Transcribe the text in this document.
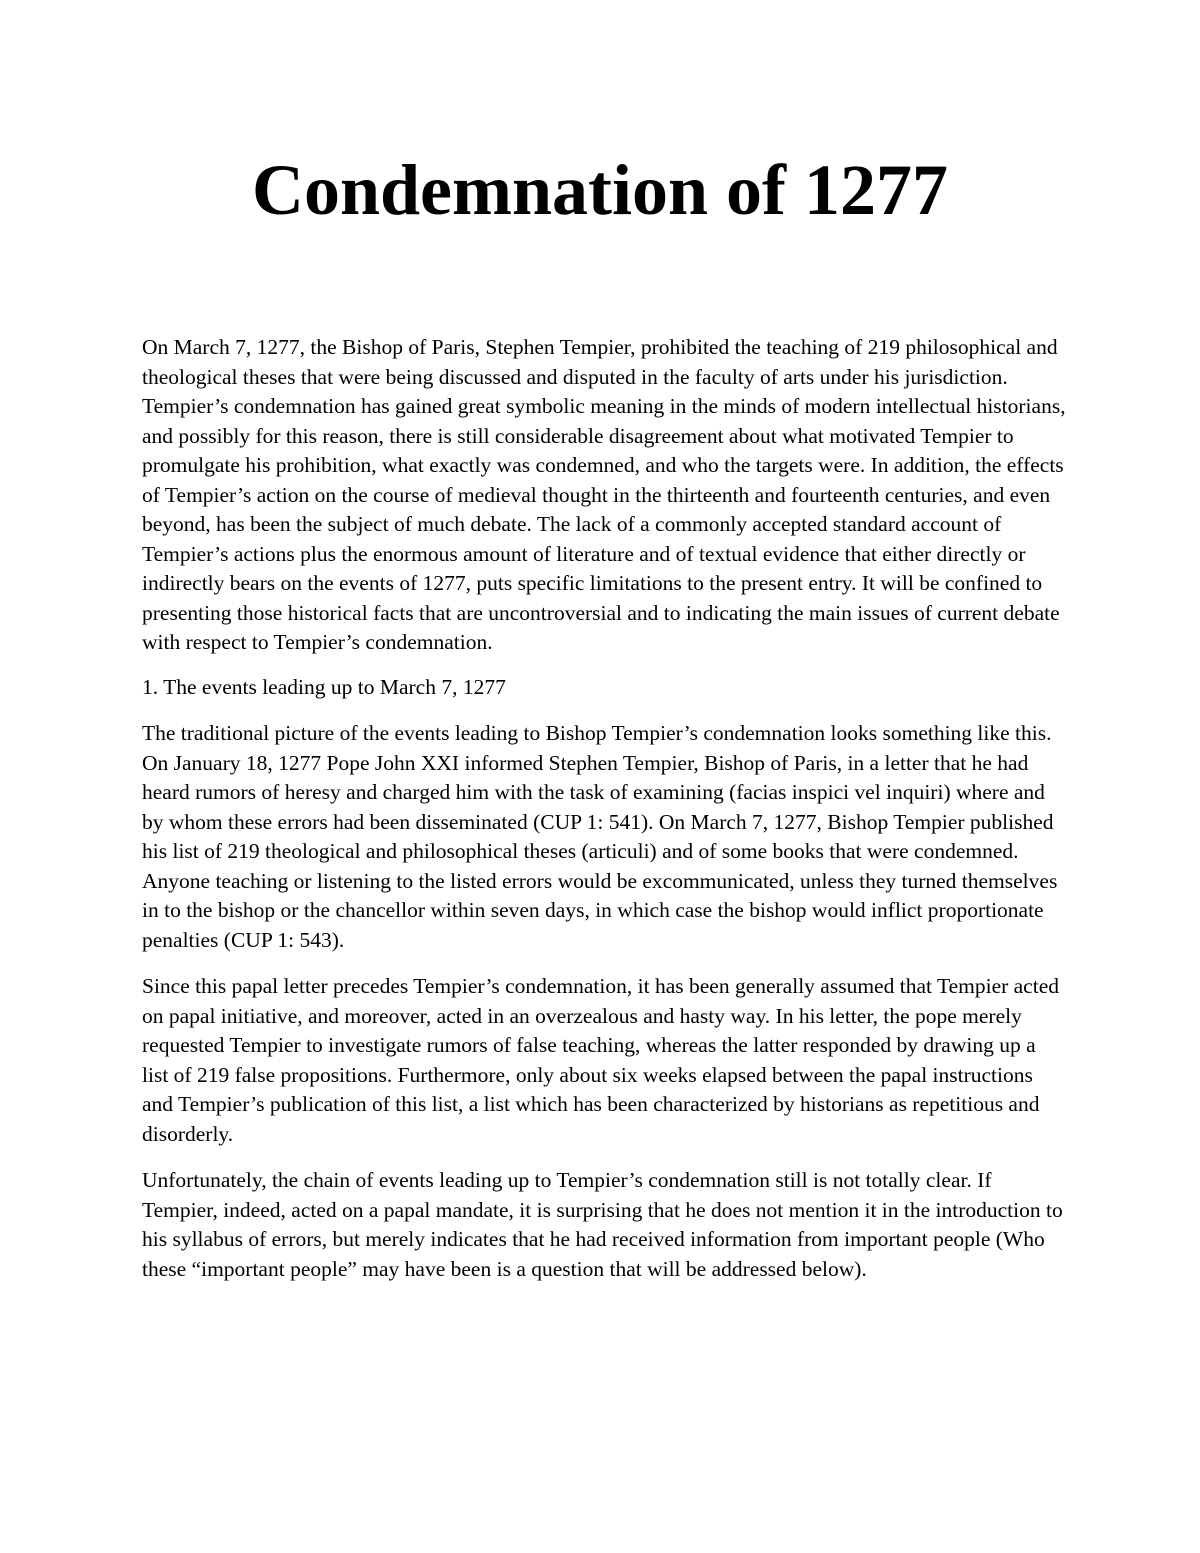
Condemnation of 1277

On March 7, 1277, the Bishop of Paris, Stephen Tempier, prohibited the teaching of 219 philosophical and theological theses that were being discussed and disputed in the faculty of arts under his jurisdiction. Tempier’s condemnation has gained great symbolic meaning in the minds of modern intellectual historians, and possibly for this reason, there is still considerable disagreement about what motivated Tempier to promulgate his prohibition, what exactly was condemned, and who the targets were. In addition, the effects of Tempier’s action on the course of medieval thought in the thirteenth and fourteenth centuries, and even beyond, has been the subject of much debate. The lack of a commonly accepted standard account of Tempier’s actions plus the enormous amount of literature and of textual evidence that either directly or indirectly bears on the events of 1277, puts specific limitations to the present entry. It will be confined to presenting those historical facts that are uncontroversial and to indicating the main issues of current debate with respect to Tempier’s condemnation.

1. The events leading up to March 7, 1277

The traditional picture of the events leading to Bishop Tempier’s condemnation looks something like this. On January 18, 1277 Pope John XXI informed Stephen Tempier, Bishop of Paris, in a letter that he had heard rumors of heresy and charged him with the task of examining (facias inspici vel inquiri) where and by whom these errors had been disseminated (CUP 1: 541). On March 7, 1277, Bishop Tempier published his list of 219 theological and philosophical theses (articuli) and of some books that were condemned. Anyone teaching or listening to the listed errors would be excommunicated, unless they turned themselves in to the bishop or the chancellor within seven days, in which case the bishop would inflict proportionate penalties (CUP 1: 543).

Since this papal letter precedes Tempier’s condemnation, it has been generally assumed that Tempier acted on papal initiative, and moreover, acted in an overzealous and hasty way. In his letter, the pope merely requested Tempier to investigate rumors of false teaching, whereas the latter responded by drawing up a list of 219 false propositions. Furthermore, only about six weeks elapsed between the papal instructions and Tempier’s publication of this list, a list which has been characterized by historians as repetitious and disorderly.

Unfortunately, the chain of events leading up to Tempier’s condemnation still is not totally clear. If Tempier, indeed, acted on a papal mandate, it is surprising that he does not mention it in the introduction to his syllabus of errors, but merely indicates that he had received information from important people (Who these “important people” may have been is a question that will be addressed below).
